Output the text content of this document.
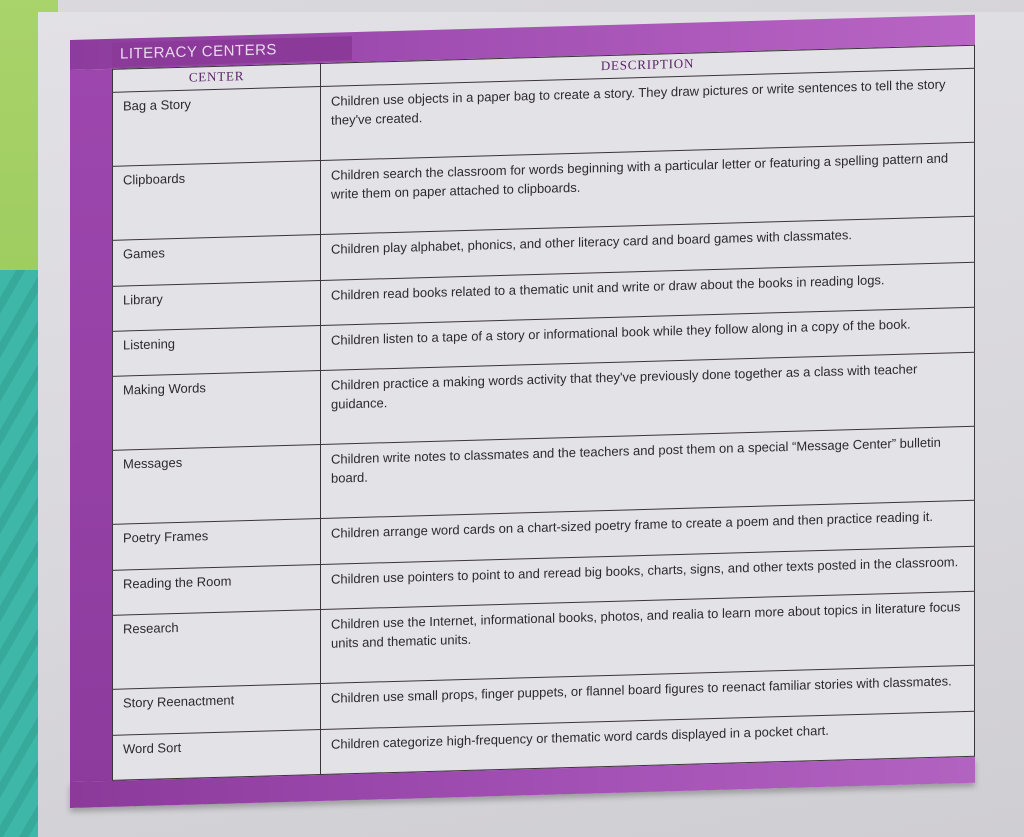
LITERACY CENTERS
CENTER	DESCRIPTION
Bag a Story	Children use objects in a paper bag to create a story. They draw pictures or write sentences to tell the story they've created.
Clipboards	Children search the classroom for words beginning with a particular letter or featuring a spelling pattern and write them on paper attached to clipboards.
Games	Children play alphabet, phonics, and other literacy card and board games with classmates.
Library	Children read books related to a thematic unit and write or draw about the books in reading logs.
Listening	Children listen to a tape of a story or informational book while they follow along in a copy of the book.
Making Words	Children practice a making words activity that they've previously done together as a class with teacher guidance.
Messages	Children write notes to classmates and the teachers and post them on a special “Message Center” bulletin board.
Poetry Frames	Children arrange word cards on a chart-sized poetry frame to create a poem and then practice reading it.
Reading the Room	Children use pointers to point to and reread big books, charts, signs, and other texts posted in the classroom.
Research	Children use the Internet, informational books, photos, and realia to learn more about topics in literature focus units and thematic units.
Story Reenactment	Children use small props, finger puppets, or flannel board figures to reenact familiar stories with classmates.
Word Sort	Children categorize high-frequency or thematic word cards displayed in a pocket chart.
